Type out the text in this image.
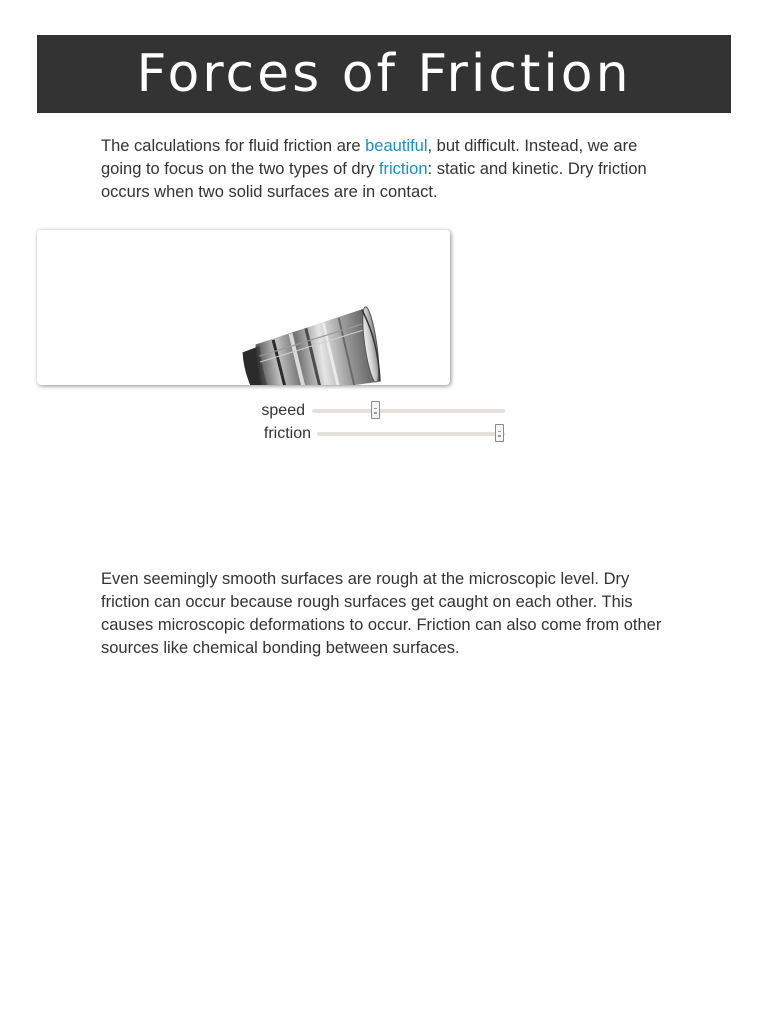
Forces of Friction

The calculations for fluid friction are beautiful, but difficult. Instead, we are going to focus on the two types of dry friction: static and kinetic. Dry friction occurs when two solid surfaces are in contact.

speed
friction

Even seemingly smooth surfaces are rough at the microscopic level. Dry friction can occur because rough surfaces get caught on each other. This causes microscopic deformations to occur. Friction can also come from other sources like chemical bonding between surfaces.
